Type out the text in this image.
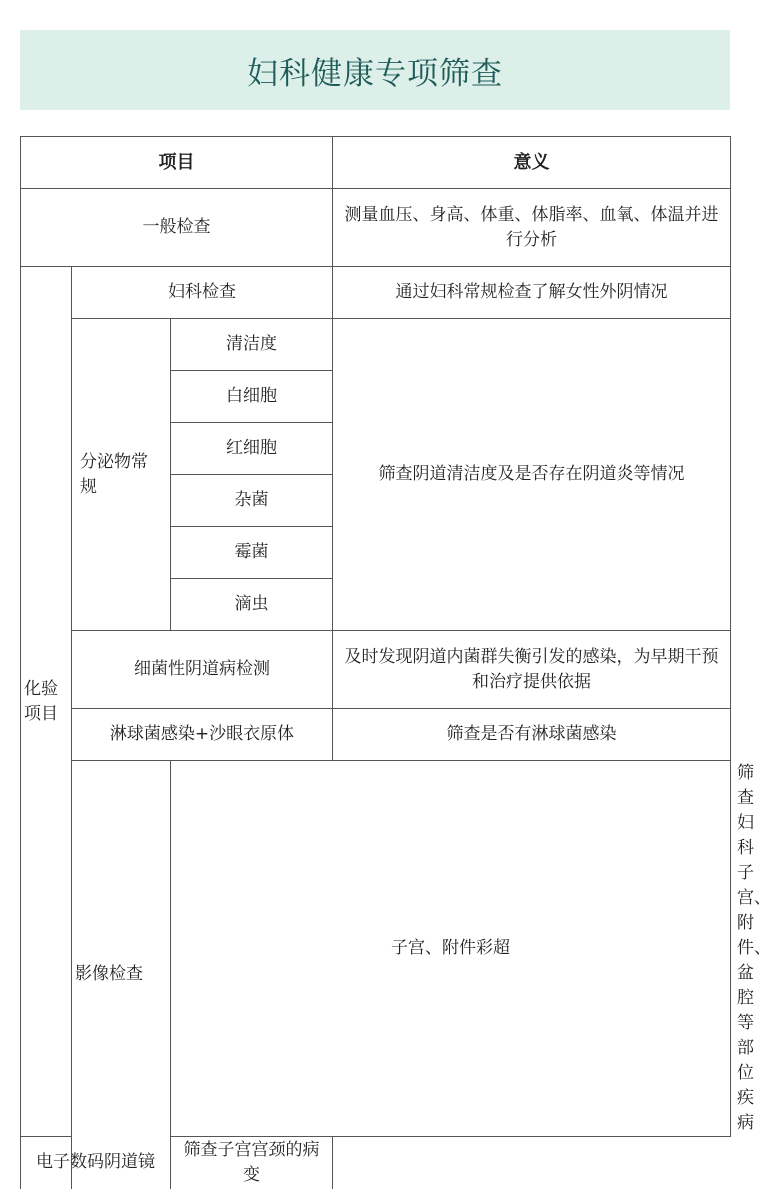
妇科健康专项筛查
项目			意义	
一般检查			测量血压、身高、体重、体脂率、血氧、体温并进行分析	
化验项目	妇科检查		通过妇科常规检查了解女性外阴情况	
	分泌物常规	清洁度	筛查阴道清洁度及是否存在阴道炎等情况	
		白细胞		
		红细胞		
		杂菌		
		霉菌		
		滴虫		
	细菌性阴道病检测		及时发现阴道内菌群失衡引发的感染，为早期干预和治疗提供依据	
	淋球菌感染+沙眼衣原体		筛查是否有淋球菌感染	
	影像检查	子宫、附件彩超		筛查妇科子宫、附件、盆腔等部位疾病
电子数码阴道镜		筛查子宫宫颈的病变		
